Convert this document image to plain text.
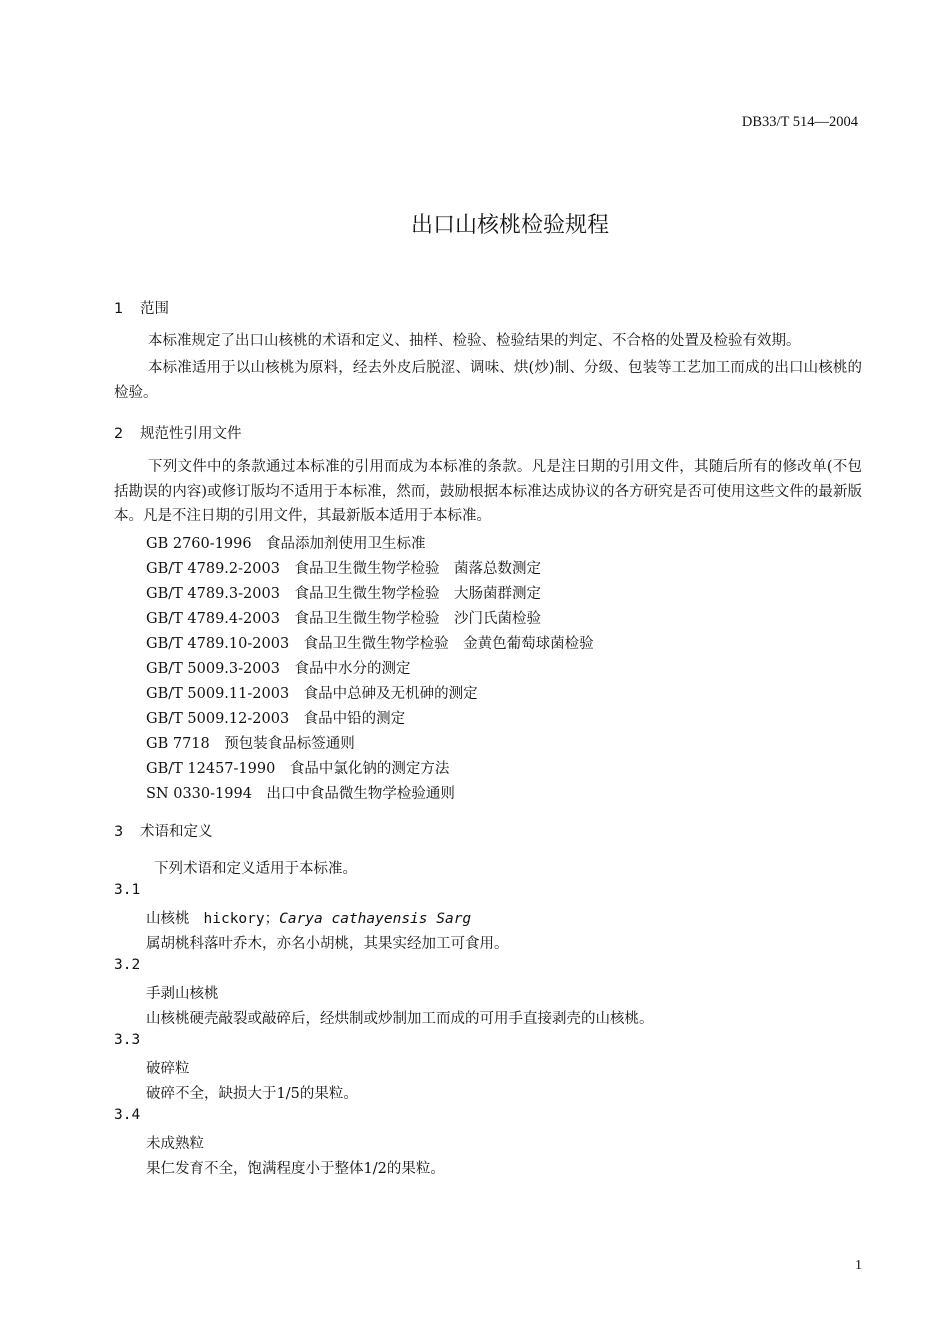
DB33/T 514—2004
出口山核桃检验规程
1 范围
本标准规定了出口山核桃的术语和定义、抽样、检验、检验结果的判定、不合格的处置及检验有效期。
本标准适用于以山核桃为原料，经去外皮后脱涩、调味、烘(炒)制、分级、包装等工艺加工而成的出口山核桃的检验。
2 规范性引用文件
下列文件中的条款通过本标准的引用而成为本标准的条款。凡是注日期的引用文件，其随后所有的修改单(不包括勘误的内容)或修订版均不适用于本标准，然而，鼓励根据本标准达成协议的各方研究是否可使用这些文件的最新版本。凡是不注日期的引用文件，其最新版本适用于本标准。
GB 2760-1996　食品添加剂使用卫生标准
GB/T 4789.2-2003　食品卫生微生物学检验　菌落总数测定
GB/T 4789.3-2003　食品卫生微生物学检验　大肠菌群测定
GB/T 4789.4-2003　食品卫生微生物学检验　沙门氏菌检验
GB/T 4789.10-2003　食品卫生微生物学检验　金黄色葡萄球菌检验
GB/T 5009.3-2003　食品中水分的测定
GB/T 5009.11-2003　食品中总砷及无机砷的测定
GB/T 5009.12-2003　食品中铅的测定
GB 7718　预包装食品标签通则
GB/T 12457-1990　食品中氯化钠的测定方法
SN 0330-1994　出口中食品微生物学检验通则
3 术语和定义
下列术语和定义适用于本标准。
3.1
山核桃 hickory；Carya cathayensis Sarg
属胡桃科落叶乔木，亦名小胡桃，其果实经加工可食用。
3.2
手剥山核桃
山核桃硬壳敲裂或敲碎后，经烘制或炒制加工而成的可用手直接剥壳的山核桃。
3.3
破碎粒
破碎不全，缺损大于1/5的果粒。
3.4
未成熟粒
果仁发育不全，饱满程度小于整体1/2的果粒。
1
